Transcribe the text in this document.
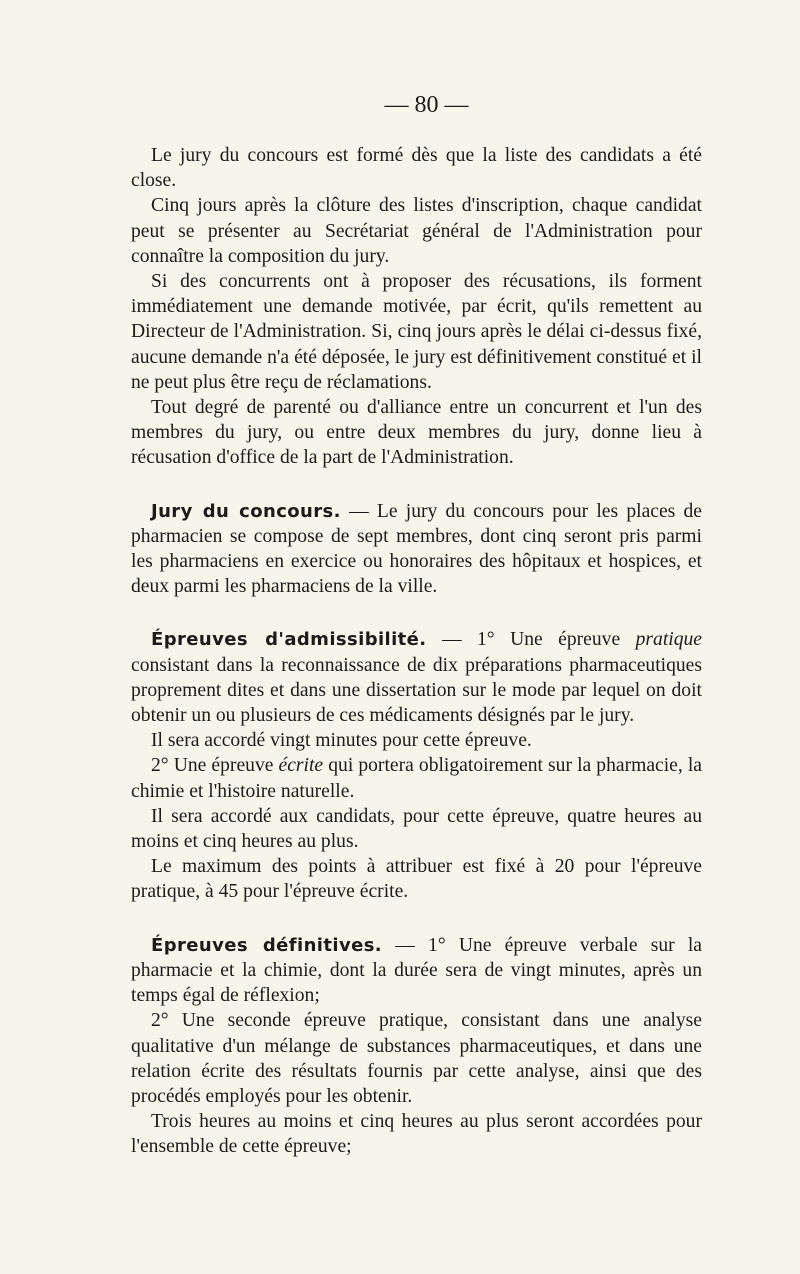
— 80 —

Le jury du concours est formé dès que la liste des candidats a été close.

Cinq jours après la clôture des listes d'inscription, chaque candidat peut se présenter au Secrétariat général de l'Administration pour connaître la composition du jury.

Si des concurrents ont à proposer des récusations, ils forment immédiatement une demande motivée, par écrit, qu'ils remettent au Directeur de l'Administration. Si, cinq jours après le délai ci-dessus fixé, aucune demande n'a été déposée, le jury est définitivement constitué et il ne peut plus être reçu de réclamations.

Tout degré de parenté ou d'alliance entre un concurrent et l'un des membres du jury, ou entre deux membres du jury, donne lieu à récusation d'office de la part de l'Administration.

Jury du concours. — Le jury du concours pour les places de pharmacien se compose de sept membres, dont cinq seront pris parmi les pharmaciens en exercice ou honoraires des hôpitaux et hospices, et deux parmi les pharmaciens de la ville.

Épreuves d'admissibilité. — 1° Une épreuve pratique consistant dans la reconnaissance de dix préparations pharmaceutiques proprement dites et dans une dissertation sur le mode par lequel on doit obtenir un ou plusieurs de ces médicaments désignés par le jury.

Il sera accordé vingt minutes pour cette épreuve.

2° Une épreuve écrite qui portera obligatoirement sur la pharmacie, la chimie et l'histoire naturelle.

Il sera accordé aux candidats, pour cette épreuve, quatre heures au moins et cinq heures au plus.

Le maximum des points à attribuer est fixé à 20 pour l'épreuve pratique, à 45 pour l'épreuve écrite.

Épreuves définitives. — 1° Une épreuve verbale sur la pharmacie et la chimie, dont la durée sera de vingt minutes, après un temps égal de réflexion;

2° Une seconde épreuve pratique, consistant dans une analyse qualitative d'un mélange de substances pharmaceutiques, et dans une relation écrite des résultats fournis par cette analyse, ainsi que des procédés employés pour les obtenir.

Trois heures au moins et cinq heures au plus seront accordées pour l'ensemble de cette épreuve;
